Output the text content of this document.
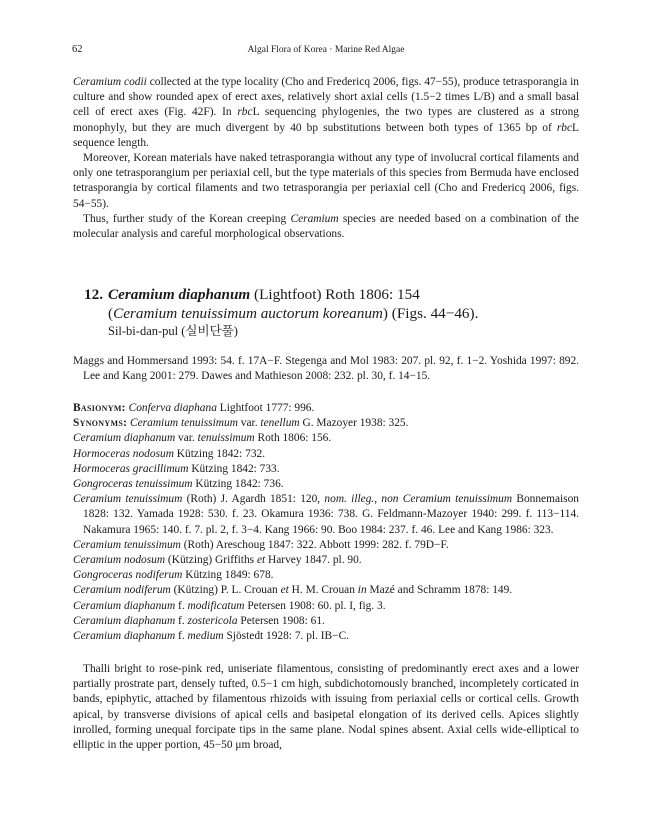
62	Algal Flora of Korea · Marine Red Algae

Ceramium codii collected at the type locality (Cho and Fredericq 2006, figs. 47−55), produce tetrasporangia in culture and show rounded apex of erect axes, relatively short axial cells (1.5−2 times L/B) and a small basal cell of erect axes (Fig. 42F). In rbcL sequencing phylogenies, the two types are clustered as a strong monophyly, but they are much divergent by 40 bp substitutions between both types of 1365 bp of rbcL sequence length.

Moreover, Korean materials have naked tetrasporangia without any type of involucral cortical filaments and only one tetrasporangium per periaxial cell, but the type materials of this species from Bermuda have enclosed tetrasporangia by cortical filaments and two tetrasporangia per periaxial cell (Cho and Fredericq 2006, figs. 54−55).

Thus, further study of the Korean creeping Ceramium species are needed based on a combination of the molecular analysis and careful morphological observations.

12. Ceramium diaphanum (Lightfoot) Roth 1806: 154
(Ceramium tenuissimum auctorum koreanum) (Figs. 44−46).
Sil-bi-dan-pul (실비단풀)

Maggs and Hommersand 1993: 54. f. 17A−F. Stegenga and Mol 1983: 207. pl. 92, f. 1−2. Yoshida 1997: 892. Lee and Kang 2001: 279. Dawes and Mathieson 2008: 232. pl. 30, f. 14−15.

Basionym: Conferva diaphana Lightfoot 1777: 996.
Synonyms: Ceramium tenuissimum var. tenellum G. Mazoyer 1938: 325.
Ceramium diaphanum var. tenuissimum Roth 1806: 156.
Hormoceras nodosum Kützing 1842: 732.
Hormoceras gracillimum Kützing 1842: 733.
Gongroceras tenuissimum Kützing 1842: 736.
Ceramium tenuissimum (Roth) J. Agardh 1851: 120, nom. illeg., non Ceramium tenuissimum Bonnemaison 1828: 132. Yamada 1928: 530. f. 23. Okamura 1936: 738. G. Feldmann-Mazoyer 1940: 299. f. 113−114. Nakamura 1965: 140. f. 7. pl. 2, f. 3−4. Kang 1966: 90. Boo 1984: 237. f. 46. Lee and Kang 1986: 323.
Ceramium tenuissimum (Roth) Areschoug 1847: 322. Abbott 1999: 282. f. 79D−F.
Ceramium nodosum (Kützing) Griffiths et Harvey 1847. pl. 90.
Gongroceras nodiferum Kützing 1849: 678.
Ceramium nodiferum (Kützing) P. L. Crouan et H. M. Crouan in Mazé and Schramm 1878: 149.
Ceramium diaphanum f. modificatum Petersen 1908: 60. pl. I, fig. 3.
Ceramium diaphanum f. zostericola Petersen 1908: 61.
Ceramium diaphanum f. medium Sjöstedt 1928: 7. pl. IB−C.

Thalli bright to rose-pink red, uniseriate filamentous, consisting of predominantly erect axes and a lower partially prostrate part, densely tufted, 0.5−1 cm high, subdichotomously branched, incompletely corticated in bands, epiphytic, attached by filamentous rhizoids with issuing from periaxial cells or cortical cells. Growth apical, by transverse divisions of apical cells and basipetal elongation of its derived cells. Apices slightly inrolled, forming unequal forcipate tips in the same plane. Nodal spines absent. Axial cells wide-elliptical to elliptic in the upper portion, 45−50 μm broad,
